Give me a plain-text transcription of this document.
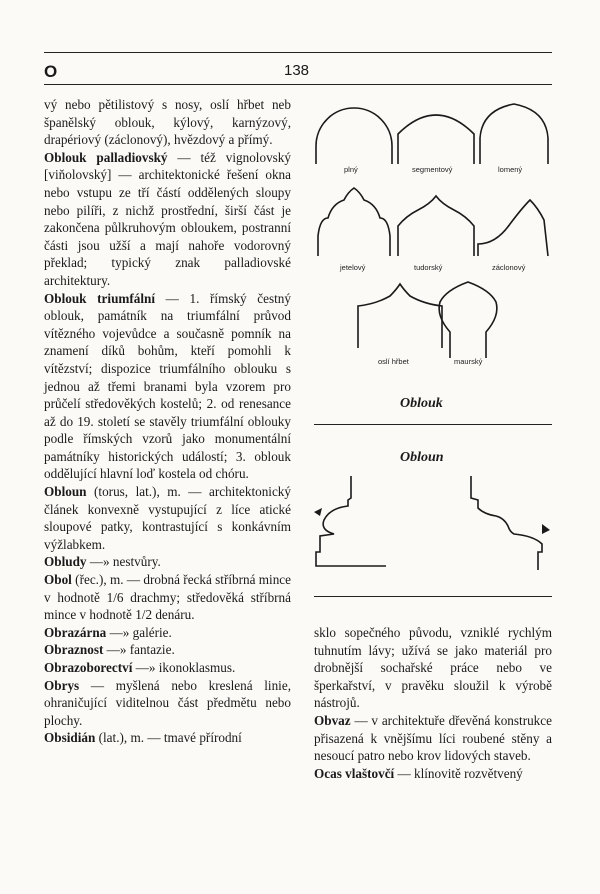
O	138

vý nebo pětilistový s nosy, oslí hřbet neb španělský oblouk, kýlový, karnýzový, drapériový (záclonový), hvězdový a přímý.

Oblouk palladiovský — též vignolovský [viňolovský] — architektonické řešení okna nebo vstupu ze tří částí oddělených sloupy nebo pilíři, z nichž prostřední, širší část je zakončena půlkruhovým obloukem, postranní části jsou užší a mají nahoře vodorovný překlad; typický znak palladiovské architektury.

Oblouk triumfální — 1. římský čestný oblouk, památník na triumfální průvod vítězného vojevůdce a současně pomník na znamení díků bohům, kteří pomohli k vítězství; dispozice triumfálního oblouku s jednou až třemi branami byla vzorem pro průčelí středověkých kostelů; 2. od renesance až do 19. století se stavěly triumfální oblouky podle římských vzorů jako monumentální památníky historických událostí; 3. oblouk oddělující hlavní loď kostela od chóru.

Obloun (torus, lat.), m. — architektonický článek konvexně vystupující z lícе atické sloupové patky, kontrastující s konkávním výžlabkem.

Obludy —» nestvůry.

Obol (řec.), m. — drobná řecká stříbrná mince v hodnotě 1/6 drachmy; středověká stříbrná mince v hodnotě 1/2 denáru.

Obrazárna —» galérie.

Obraznost —» fantazie.

Obrazoborectví —» ikonoklasmus.

Obrys — myšlená nebo kreslená linie, ohraničující viditelnou část předmětu nebo plochy.

Obsidián (lat.), m. — tmavé přírodní

plný	segmentový	lomený
jetelový	tudorský	záclonový
oslí hřbet	maurský
Oblouk
Obloun

sklo sopečného původu, vzniklé rychlým tuhnutím lávy; užívá se jako materiál pro drobnější sochařské práce nebo ve šperkařství, v pravěku sloužil k výrobě nástrojů.

Obvaz — v architektuře dřevěná konstrukce přisazená k vnějšímu líci roubené stěny a nesoucí patro nebo krov lidových staveb.

Ocas vlaštovčí — klínovitě rozvětvený
